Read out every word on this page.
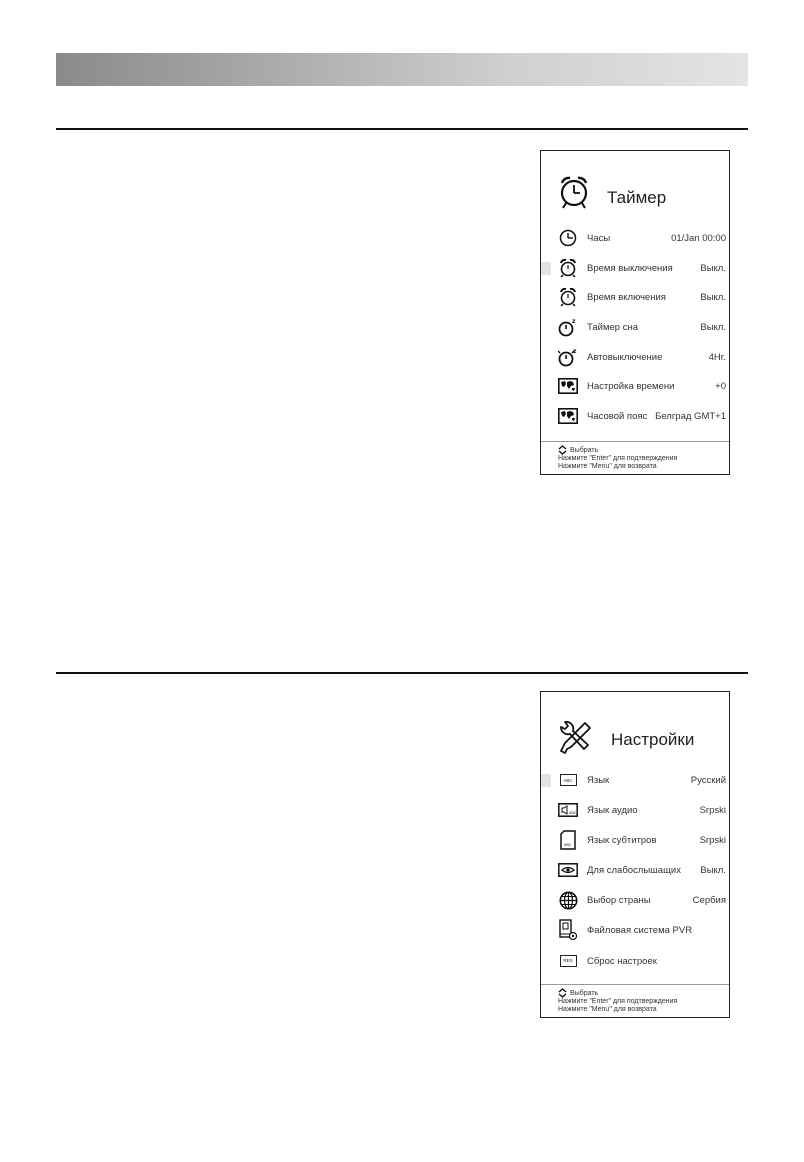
Таймер
Часы	01/Jan 00:00
Время выключения	Выкл.
Время включения	Выкл.
z
Таймер сна	Выкл.
z
Автовыключение	4Hr.
Настройка времени	+0
Часовой пояс Белград GMT+1
Выбрать
Нажмите "Enter" для подтверждения
Нажмите "Menu" для возврата
Настройки
ABC	Язык	Русский
ABC Язык аудио	Srpski
ABC Язык субтитров	Srpski
Для слабослышащих Выкл.
Выбор страны	Сербия
Файловая система PVR
RES	Сброс настроек
Выбрать
Нажмите "Enter" для подтверждения
Нажмите "Menu" для возврата
